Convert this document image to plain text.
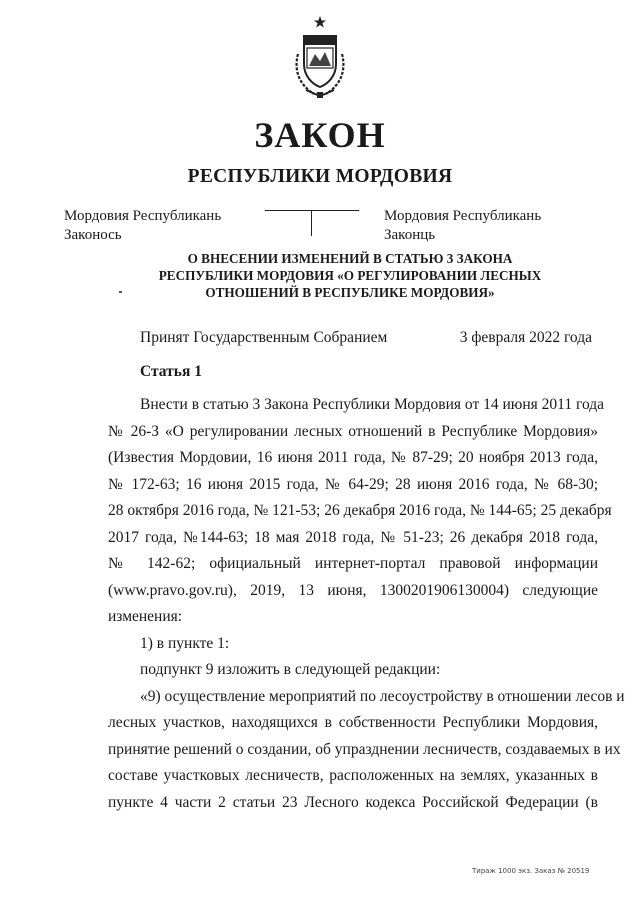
ЗАКОН
РЕСПУБЛИКИ МОРДОВИЯ
Мордовия Республикань
Законось
Мордовия Республикань
Законць
О ВНЕСЕНИИ ИЗМЕНЕНИЙ В СТАТЬЮ 3 ЗАКОНА
РЕСПУБЛИКИ МОРДОВИЯ «О РЕГУЛИРОВАНИИ ЛЕСНЫХ
ОТНОШЕНИЙ В РЕСПУБЛИКЕ МОРДОВИЯ»
Принят Государственным Собранием	3 февраля 2022 года
Статья 1
Внести в статью 3 Закона Республики Мордовия от 14 июня 2011 года
№ 26-З «О регулировании лесных отношений в Республике Мордовия»
(Известия Мордовии, 16 июня 2011 года, № 87-29; 20 ноября 2013 года,
№ 172-63; 16 июня 2015 года, № 64-29; 28 июня 2016 года, № 68-30;
28 октября 2016 года, № 121-53; 26 декабря 2016 года, № 144-65; 25 декабря
2017 года, №144-63; 18 мая 2018 года, № 51-23; 26 декабря 2018 года,
№ 142-62; официальный интернет-портал правовой информации
(www.pravo.gov.ru), 2019, 13 июня, 1300201906130004) следующие
изменения:
1) в пункте 1:
подпункт 9 изложить в следующей редакции:
«9) осуществление мероприятий по лесоустройству в отношении лесов и
лесных участков, находящихся в собственности Республики Мордовия,
принятие решений о создании, об упразднении лесничеств, создаваемых в их
составе участковых лесничеств, расположенных на землях, указанных в
пункте 4 части 2 статьи 23 Лесного кодекса Российской Федерации (в
Тираж 1000 экз. Заказ № 20519
